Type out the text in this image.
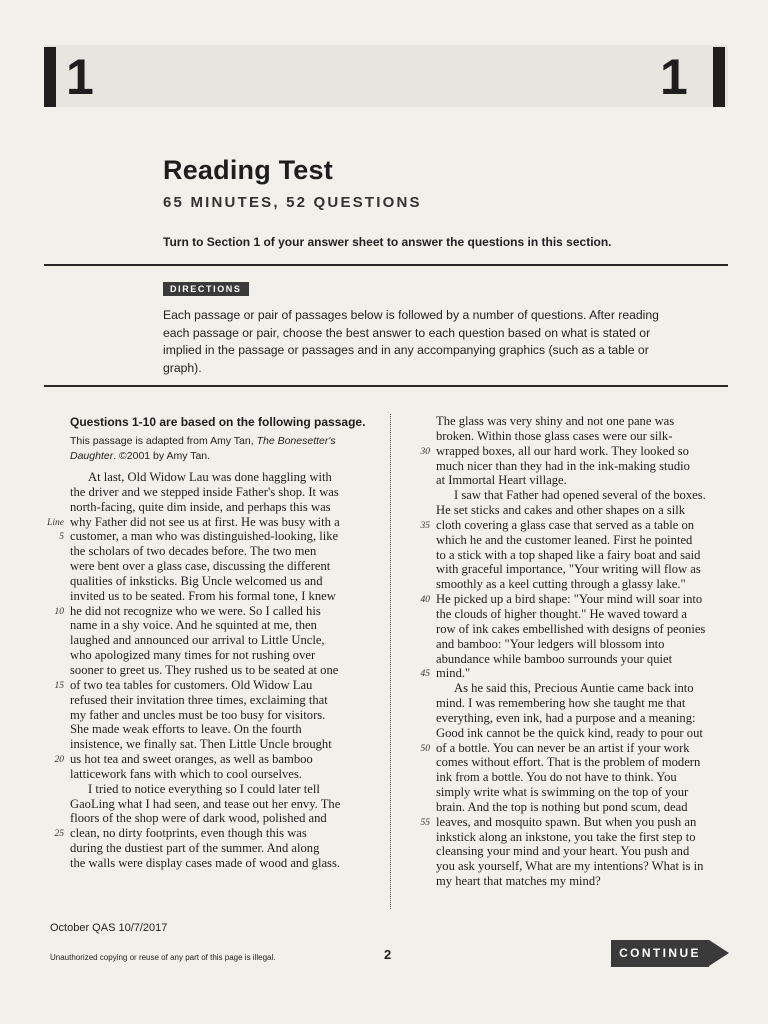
1	1
Reading Test
65 MINUTES, 52 QUESTIONS
Turn to Section 1 of your answer sheet to answer the questions in this section.
DIRECTIONS
Each passage or pair of passages below is followed by a number of questions. After reading each passage or pair, choose the best answer to each question based on what is stated or implied in the passage or passages and in any accompanying graphics (such as a table or graph).

Questions 1-10 are based on the following passage.

This passage is adapted from Amy Tan, The Bonesetter's Daughter. ©2001 by Amy Tan.

At last, Old Widow Lau was done haggling with
the driver and we stepped inside Father's shop. It was
north-facing, quite dim inside, and perhaps this was
Line why Father did not see us at first. He was busy with a
5 customer, a man who was distinguished-looking, like
the scholars of two decades before. The two men
were bent over a glass case, discussing the different
qualities of inksticks. Big Uncle welcomed us and
invited us to be seated. From his formal tone, I knew
10 he did not recognize who we were. So I called his
name in a shy voice. And he squinted at me, then
laughed and announced our arrival to Little Uncle,
who apologized many times for not rushing over
sooner to greet us. They rushed us to be seated at one
15 of two tea tables for customers. Old Widow Lau
refused their invitation three times, exclaiming that
my father and uncles must be too busy for visitors.
She made weak efforts to leave. On the fourth
insistence, we finally sat. Then Little Uncle brought
20 us hot tea and sweet oranges, as well as bamboo
latticework fans with which to cool ourselves.
I tried to notice everything so I could later tell
GaoLing what I had seen, and tease out her envy. The
floors of the shop were of dark wood, polished and
25 clean, no dirty footprints, even though this was
during the dustiest part of the summer. And along
the walls were display cases made of wood and glass.
The glass was very shiny and not one pane was
broken. Within those glass cases were our silk-
30 wrapped boxes, all our hard work. They looked so
much nicer than they had in the ink-making studio
at Immortal Heart village.
I saw that Father had opened several of the boxes.
He set sticks and cakes and other shapes on a silk
35 cloth covering a glass case that served as a table on
which he and the customer leaned. First he pointed
to a stick with a top shaped like a fairy boat and said
with graceful importance, "Your writing will flow as
smoothly as a keel cutting through a glassy lake."
40 He picked up a bird shape: "Your mind will soar into
the clouds of higher thought." He waved toward a
row of ink cakes embellished with designs of peonies
and bamboo: "Your ledgers will blossom into
abundance while bamboo surrounds your quiet
45 mind."
As he said this, Precious Auntie came back into
mind. I was remembering how she taught me that
everything, even ink, had a purpose and a meaning:
Good ink cannot be the quick kind, ready to pour out
50 of a bottle. You can never be an artist if your work
comes without effort. That is the problem of modern
ink from a bottle. You do not have to think. You
simply write what is swimming on the top of your
brain. And the top is nothing but pond scum, dead
55 leaves, and mosquito spawn. But when you push an
inkstick along an inkstone, you take the first step to
cleansing your mind and your heart. You push and
you ask yourself, What are my intentions? What is in
my heart that matches my mind?
October QAS 10/7/2017
Unauthorized copying or reuse of any part of this page is illegal.	2	CONTINUE
